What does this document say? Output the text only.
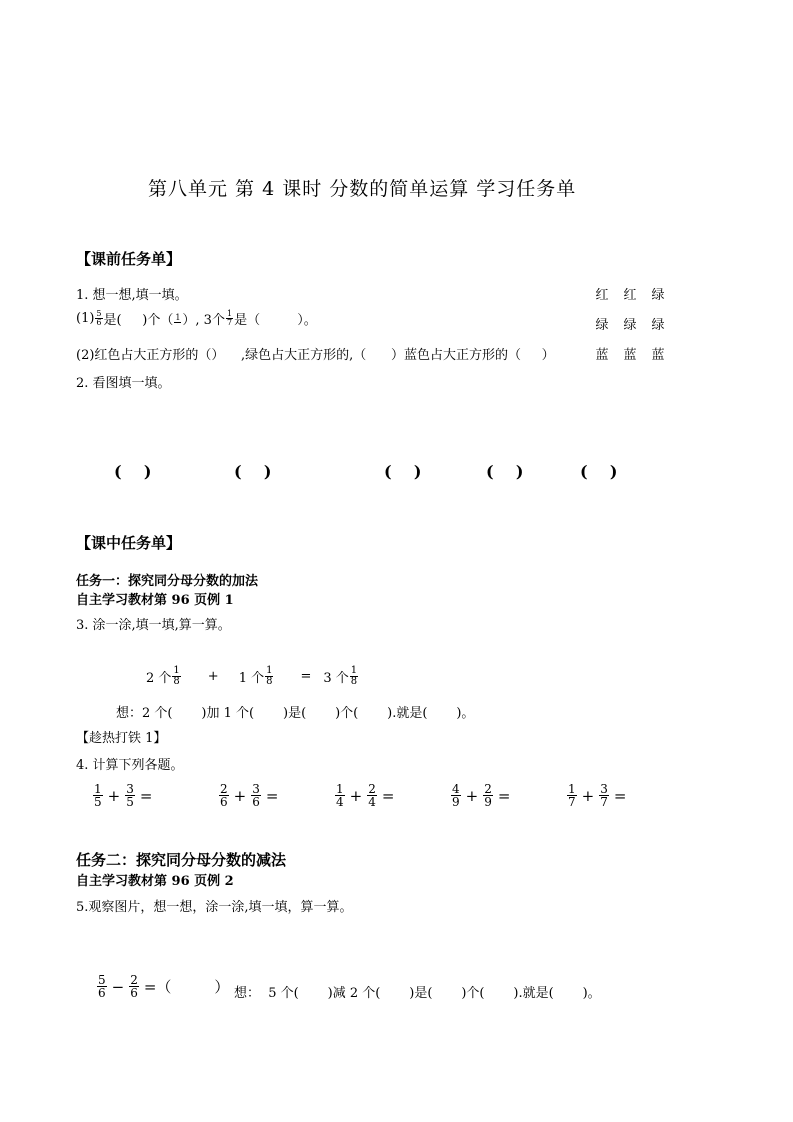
第八单元 第 4 课时 分数的简单运算 学习任务单
【课前任务单】
1. 想一想,填一填。
$(1) \frac{5}{6}$ 是(     )个（ 1 ）, 3个 $\frac{1}{7}$ 是（         ）。
(2)红色占大正方形的（）    ,绿色占大正方形的,（      ）蓝色占大正方形的（     ）
红 红 绿
绿 绿 绿
蓝 蓝 蓝
2. 看图填一填。
(    )	(    )	(    )	(    )	(    )
【课中任务单】
任务一：探究同分母分数的加法
自主学习教材第 96 页例 1
3. 涂一涂,填一填,算一算。
2 个 $\frac{1}{8} + 1$ 个 $\frac{1}{8} = 3$ 个 $\frac{1}{8}$
想：2 个(       )加 1 个(       )是(       )个(       ).就是(       )。
【趁热打铁 1】
4. 计算下列各题。
$\frac{1}{5} + \frac{3}{5}$ =	$\frac{2}{6} + \frac{3}{6}$ =	$\frac{1}{4} + \frac{2}{4}$ =	$\frac{4}{9} + \frac{2}{9}$ =	$\frac{1}{7} + \frac{3}{7}$ =
任务二：探究同分母分数的减法
自主学习教材第 96 页例 2
5.观察图片，想一想，涂一涂,填一填，算一算。
$\frac{5}{6} - \frac{2}{6}$ =（         ） 想：  5 个(       )减 2 个(       )是(       )个(       ).就是(       )。
